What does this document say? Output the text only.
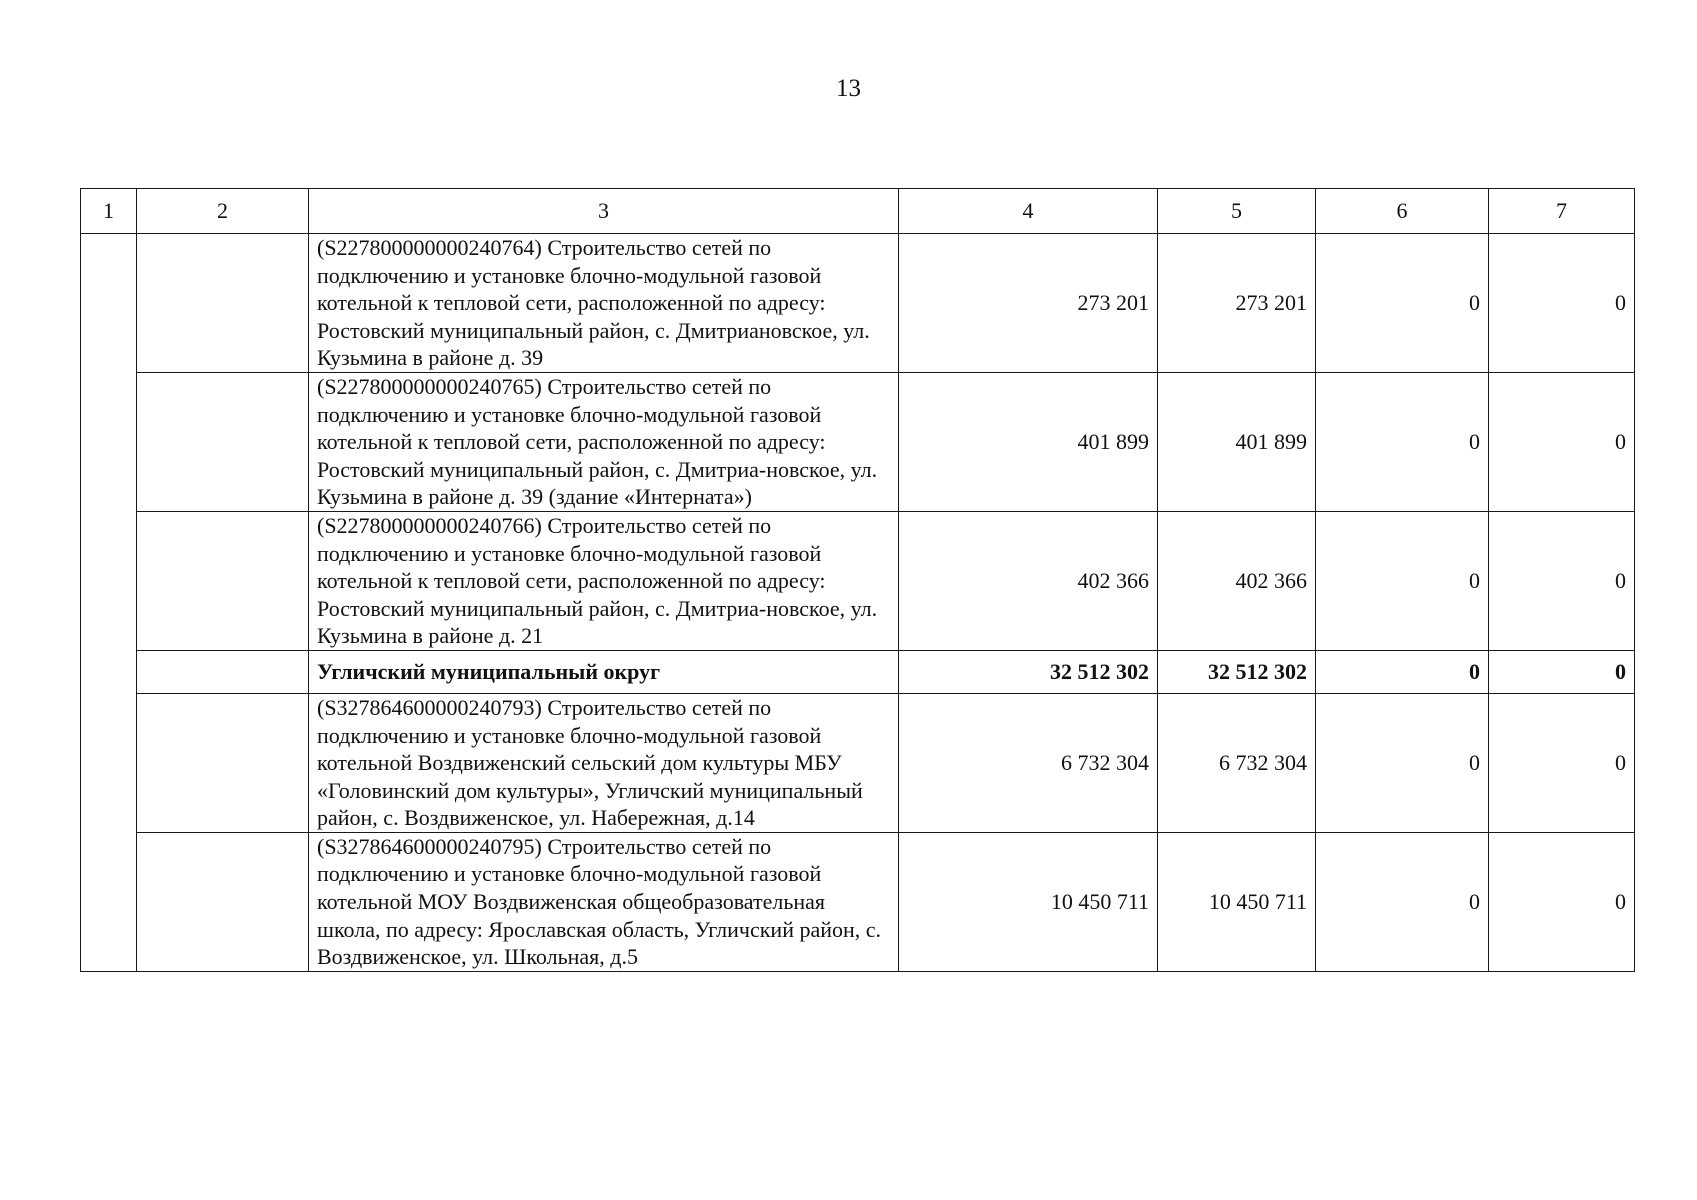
13
1	2	3	4	5	6	7
		(S227800000000240764) Строительство сетей по подключению и установке блочно-модульной газовой котельной к тепловой сети, расположенной по адресу: Ростовский муниципальный район, с. Дмитриановское, ул. Кузьмина в районе д. 39	273 201	273 201	0	0
		(S227800000000240765) Строительство сетей по подключению и установке блочно-модульной газовой котельной к тепловой сети, расположенной по адресу: Ростовский муниципальный район, с. Дмитриа-новское, ул. Кузьмина в районе д. 39 (здание «Интерната»)	401 899	401 899	0	0
		(S227800000000240766) Строительство сетей по подключению и установке блочно-модульной газовой котельной к тепловой сети, расположенной по адресу: Ростовский муниципальный район, с. Дмитриа-новское, ул. Кузьмина в районе д. 21	402 366	402 366	0	0
		Угличский муниципальный округ	32 512 302	32 512 302	0	0
		(S327864600000240793) Строительство сетей по подключению и установке блочно-модульной газовой котельной Воздвиженский сельский дом культуры МБУ «Головинский дом культуры», Угличский муниципальный район, с. Воздвиженское, ул. Набережная, д.14	6 732 304	6 732 304	0	0
		(S327864600000240795) Строительство сетей по подключению и установке блочно-модульной газовой котельной МОУ Воздвиженская общеобразовательная школа, по адресу: Ярославская область, Угличский район, с. Воздвиженское, ул. Школьная, д.5	10 450 711	10 450 711	0	0
